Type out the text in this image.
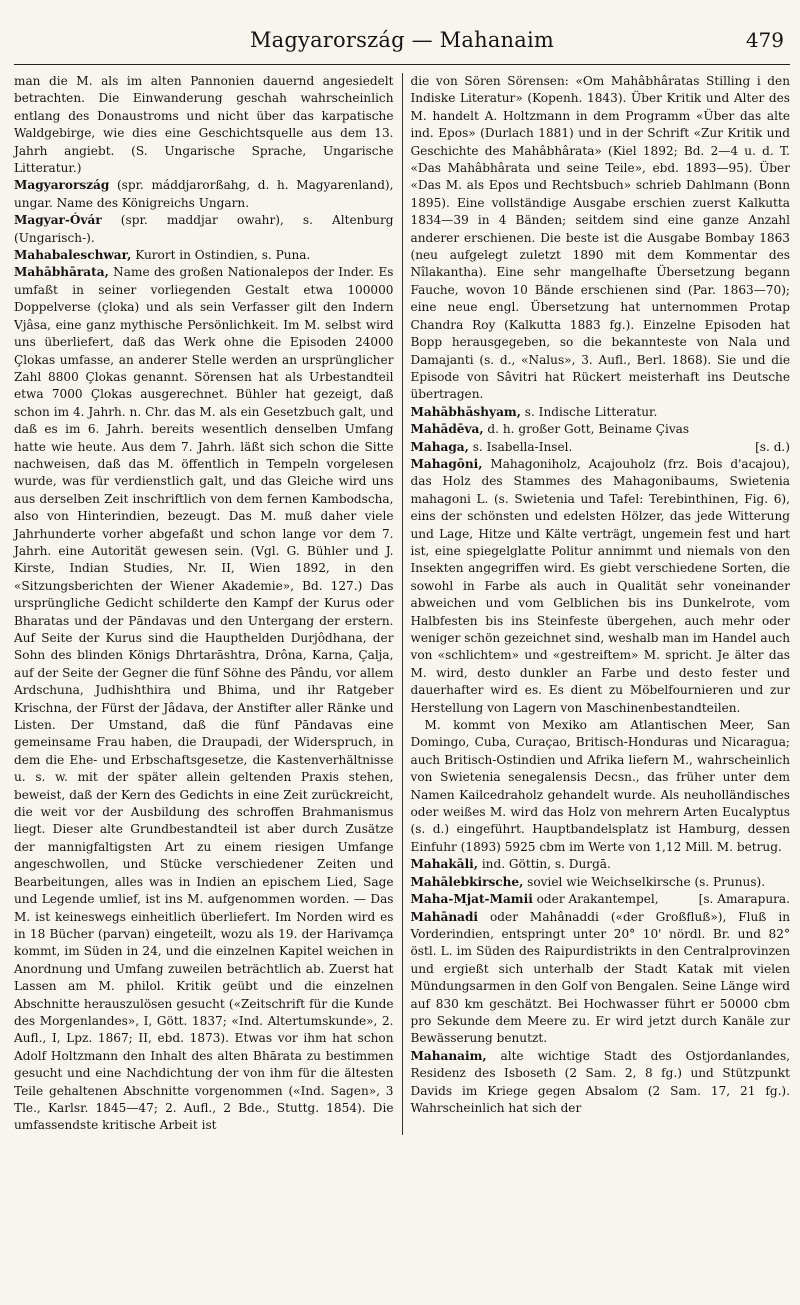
Magyarország — Mahanaim	479

man die M. als im alten Pannonien dauernd angesiedelt betrachten. Die Einwanderung geschah wahrscheinlich entlang des Donaustroms und nicht über das karpatische Waldgebirge, wie dies eine Geschichtsquelle aus dem 13. Jahrh angiebt. (S. Ungarische Sprache, Ungarische Litteratur.)

Magyarország (spr. máddjarorßahg, d. h. Magyarenland), ungar. Name des Königreichs Ungarn.

Magyar-Óvár (spr. maddjar owahr), s. Altenburg (Ungarisch-).

Mahabaleschwar, Kurort in Ostindien, s. Puna.

Mahābhārata, Name des großen Nationalepos der Inder. Es umfaßt in seiner vorliegenden Gestalt etwa 100000 Doppelverse (çloka) und als sein Verfasser gilt den Indern Vjâsa, eine ganz mythische Persönlichkeit. Im M. selbst wird uns überliefert, daß das Werk ohne die Episoden 24000 Çlokas umfasse, an anderer Stelle werden an ursprünglicher Zahl 8800 Çlokas genannt. Sörensen hat als Urbestandteil etwa 7000 Çlokas ausgerechnet. Bühler hat gezeigt, daß schon im 4. Jahrh. n. Chr. das M. als ein Gesetzbuch galt, und daß es im 6. Jahrh. bereits wesentlich denselben Umfang hatte wie heute. Aus dem 7. Jahrh. läßt sich schon die Sitte nachweisen, daß das M. öffentlich in Tempeln vorgelesen wurde, was für verdienstlich galt, und das Gleiche wird uns aus derselben Zeit inschriftlich von dem fernen Kambodscha, also von Hinterindien, bezeugt. Das M. muß daher viele Jahrhunderte vorher abgefaßt und schon lange vor dem 7. Jahrh. eine Autorität gewesen sein. (Vgl. G. Bühler und J. Kirste, Indian Studies, Nr. II, Wien 1892, in den «Sitzungsberichten der Wiener Akademie», Bd. 127.) Das ursprüngliche Gedicht schilderte den Kampf der Kurus oder Bharatas und der Pāndavas und den Untergang der erstern. Auf Seite der Kurus sind die Haupthelden Durjôdhana, der Sohn des blinden Königs Dhrtarāshtra, Drôna, Karna, Çalja, auf der Seite der Gegner die fünf Söhne des Pându, vor allem Ardschuna, Judhishthira und Bhima, und ihr Ratgeber Krischna, der Fürst der Jâdava, der Anstifter aller Ränke und Listen. Der Umstand, daß die fünf Pāndavas eine gemeinsame Frau haben, die Draupadi, der Widerspruch, in dem die Ehe- und Erbschaftsgesetze, die Kastenverhältnisse u. s. w. mit der später allein geltenden Praxis stehen, beweist, daß der Kern des Gedichts in eine Zeit zurückreicht, die weit vor der Ausbildung des schroffen Brahmanismus liegt. Dieser alte Grundbestandteil ist aber durch Zusätze der mannigfaltigsten Art zu einem riesigen Umfange angeschwollen, und Stücke verschiedener Zeiten und Bearbeitungen, alles was in Indien an epischem Lied, Sage und Legende umlief, ist ins M. aufgenommen worden. — Das M. ist keineswegs einheitlich überliefert. Im Norden wird es in 18 Bücher (parvan) eingeteilt, wozu als 19. der Harivamça kommt, im Süden in 24, und die einzelnen Kapitel weichen in Anordnung und Umfang zuweilen beträchtlich ab. Zuerst hat Lassen am M. philol. Kritik geübt und die einzelnen Abschnitte herauszulösen gesucht («Zeitschrift für die Kunde des Morgenlandes», I, Gött. 1837; «Ind. Altertumskunde», 2. Aufl., I, Lpz. 1867; II, ebd. 1873). Etwas vor ihm hat schon Adolf Holtzmann den Inhalt des alten Bhārata zu bestimmen gesucht und eine Nachdichtung der von ihm für die ältesten Teile gehaltenen Abschnitte vorgenommen («Ind. Sagen», 3 Tle., Karlsr. 1845—47; 2. Aufl., 2 Bde., Stuttg. 1854). Die umfassendste kritische Arbeit ist

die von Sören Sörensen: «Om Mahâbhâratas Stilling i den Indiske Literatur» (Kopenh. 1843). Über Kritik und Alter des M. handelt A. Holtzmann in dem Programm «Über das alte ind. Epos» (Durlach 1881) und in der Schrift «Zur Kritik und Geschichte des Mahâbhârata» (Kiel 1892; Bd. 2—4 u. d. T. «Das Mahâbhârata und seine Teile», ebd. 1893—95). Über «Das M. als Epos und Rechtsbuch» schrieb Dahlmann (Bonn 1895). Eine vollständige Ausgabe erschien zuerst Kalkutta 1834—39 in 4 Bänden; seitdem sind eine ganze Anzahl anderer erschienen. Die beste ist die Ausgabe Bombay 1863 (neu aufgelegt zuletzt 1890 mit dem Kommentar des Nîlakantha). Eine sehr mangelhafte Übersetzung begann Fauche, wovon 10 Bände erschienen sind (Par. 1863—70); eine neue engl. Übersetzung hat unternommen Protap Chandra Roy (Kalkutta 1883 fg.). Einzelne Episoden hat Bopp herausgegeben, so die bekannteste von Nala und Damajanti (s. d., «Nalus», 3. Aufl., Berl. 1868). Sie und die Episode von Sâvitri hat Rückert meisterhaft ins Deutsche übertragen.

Mahābhāshyam, s. Indische Litteratur.

Mahādēva, d. h. großer Gott, Beiname Çivas

Mahaga, s. Isabella-Insel.	[s. d.)

Mahagōni, Mahagoniholz, Acajouholz (frz. Bois d'acajou), das Holz des Stammes des Mahagonibaums, Swietenia mahagoni L. (s. Swietenia und Tafel: Terebinthinen, Fig. 6), eins der schönsten und edelsten Hölzer, das jede Witterung und Lage, Hitze und Kälte verträgt, ungemein fest und hart ist, eine spiegelglatte Politur annimmt und niemals von den Insekten angegriffen wird. Es giebt verschiedene Sorten, die sowohl in Farbe als auch in Qualität sehr voneinander abweichen und vom Gelblichen bis ins Dunkelrote, vom Halbfesten bis ins Steinfeste übergehen, auch mehr oder weniger schön gezeichnet sind, weshalb man im Handel auch von «schlichtem» und «gestreiftem» M. spricht. Je älter das M. wird, desto dunkler an Farbe und desto fester und dauerhafter wird es. Es dient zu Möbelfournieren und zur Herstellung von Lagern von Maschinenbestandteilen.

M. kommt von Mexiko am Atlantischen Meer, San Domingo, Cuba, Curaçao, Britisch-Honduras und Nicaragua; auch Britisch-Ostindien und Afrika liefern M., wahrscheinlich von Swietenia senegalensis Decsn., das früher unter dem Namen Kailcedraholz gehandelt wurde. Als neuholländisches oder weißes M. wird das Holz von mehrern Arten Eucalyptus (s. d.) eingeführt. Hauptbandelsplatz ist Hamburg, dessen Einfuhr (1893) 5925 cbm im Werte von 1,12 Mill. M. betrug.

Mahakāli, ind. Göttin, s. Durgā.

Mahālebkirsche, soviel wie Weichselkirsche (s. Prunus).
[s. Amarapura.

Maha-Mjat-Mamii oder Arakantempel,

Mahānadi oder Mahânaddi («der Großfluß»), Fluß in Vorderindien, entspringt unter 20° 10' nördl. Br. und 82° östl. L. im Süden des Raipurdistrikts in den Centralprovinzen und ergießt sich unterhalb der Stadt Katak mit vielen Mündungsarmen in den Golf von Bengalen. Seine Länge wird auf 830 km geschätzt. Bei Hochwasser führt er 50000 cbm pro Sekunde dem Meere zu. Er wird jetzt durch Kanäle zur Bewässerung benutzt.

Mahanaim, alte wichtige Stadt des Ostjordanlandes, Residenz des Isboseth (2 Sam. 2, 8 fg.) und Stützpunkt Davids im Kriege gegen Absalom (2 Sam. 17, 21 fg.). Wahrscheinlich hat sich der
